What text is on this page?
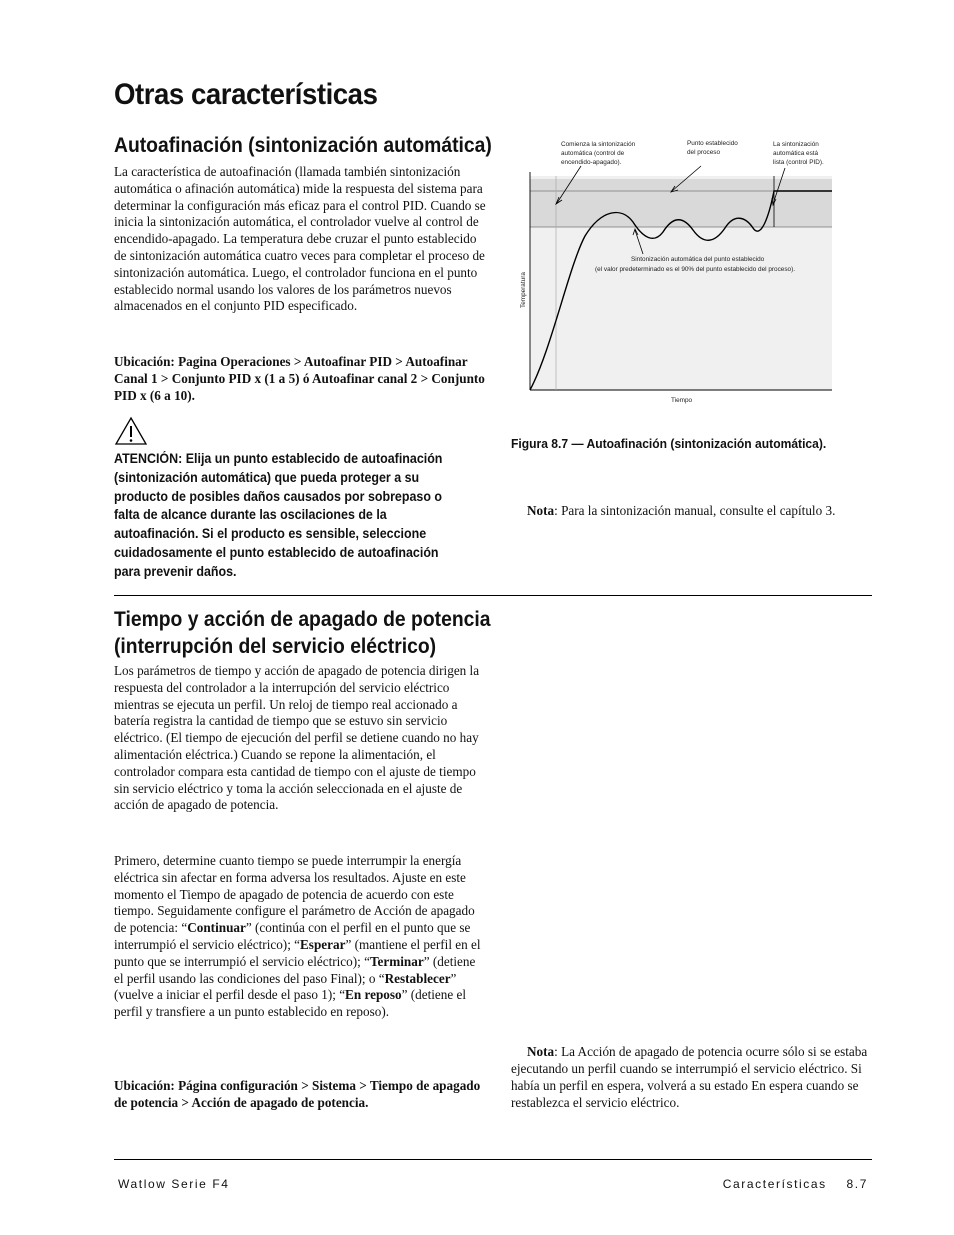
Otras características
Autoafinación (sintonización automática)

La característica de autoafinación (llamada también sintonización automática o afinación automática) mide la respuesta del sistema para determinar la configuración más eficaz para el control PID. Cuando se inicia la sintonización automática, el controlador vuelve al control de encendido-apagado. La temperatura debe cruzar el punto establecido de sintonización automática cuatro veces para completar el proceso de sintonización automática. Luego, el controlador funciona en el punto establecido normal usando los valores de los parámetros nuevos almacenados en el conjunto PID especificado.

Ubicación: Pagina Operaciones > Autoafinar PID > Autoafinar Canal 1 > Conjunto PID x (1 a 5) ó Autoafinar canal 2 > Conjunto PID x (6 a 10).

ATENCIÓN: Elija un punto establecido de autoafinación (sintonización automática) que pueda proteger a su producto de posibles daños causados por sobrepaso o falta de alcance durante las oscilaciones de la autoafinación. Si el producto es sensible, seleccione cuidadosamente el punto establecido de autoafinación para prevenir daños.

Comienza la sintonización
automática (control de
encendido-apagado).
Punto establecido
del proceso
La sintonización
automática está
lista (control PID).
Sintonización automática del punto establecido
(el valor predeterminado es el 90% del punto establecido del proceso).
Temperatura
Tiempo

Figura 8.7 — Autoafinación (sintonización automática).

Nota: Para la sintonización manual, consulte el capítulo 3.

Tiempo y acción de apagado de potencia
(interrupción del servicio eléctrico)

Los parámetros de tiempo y acción de apagado de potencia dirigen la respuesta del controlador a la interrupción del servicio eléctrico mientras se ejecuta un perfil. Un reloj de tiempo real accionado a batería registra la cantidad de tiempo que se estuvo sin servicio eléctrico. (El tiempo de ejecución del perfil se detiene cuando no hay alimentación eléctrica.) Cuando se repone la alimentación, el controlador compara esta cantidad de tiempo con el ajuste de tiempo sin servicio eléctrico y toma la acción seleccionada en el ajuste de acción de apagado de potencia.

Primero, determine cuanto tiempo se puede interrumpir la energía eléctrica sin afectar en forma adversa los resultados. Ajuste en este momento el Tiempo de apagado de potencia de acuerdo con este tiempo. Seguidamente configure el parámetro de Acción de apagado de potencia: “Continuar” (continúa con el perfil en el punto que se interrumpió el servicio eléctrico); “Esperar” (mantiene el perfil en el punto que se interrumpió el servicio eléctrico); “Terminar” (detiene el perfil usando las condiciones del paso Final); o “Restablecer” (vuelve a iniciar el perfil desde el paso 1); “En reposo” (detiene el perfil y transfiere a un punto establecido en reposo).

Ubicación: Página configuración > Sistema > Tiempo de apagado de potencia > Acción de apagado de potencia.

Nota: La Acción de apagado de potencia ocurre sólo si se estaba ejecutando un perfil cuando se interrumpió el servicio eléctrico. Si había un perfil en espera, volverá a su estado En espera cuando se restablezca el servicio eléctrico.

Watlow Serie F4	Características    8.7
